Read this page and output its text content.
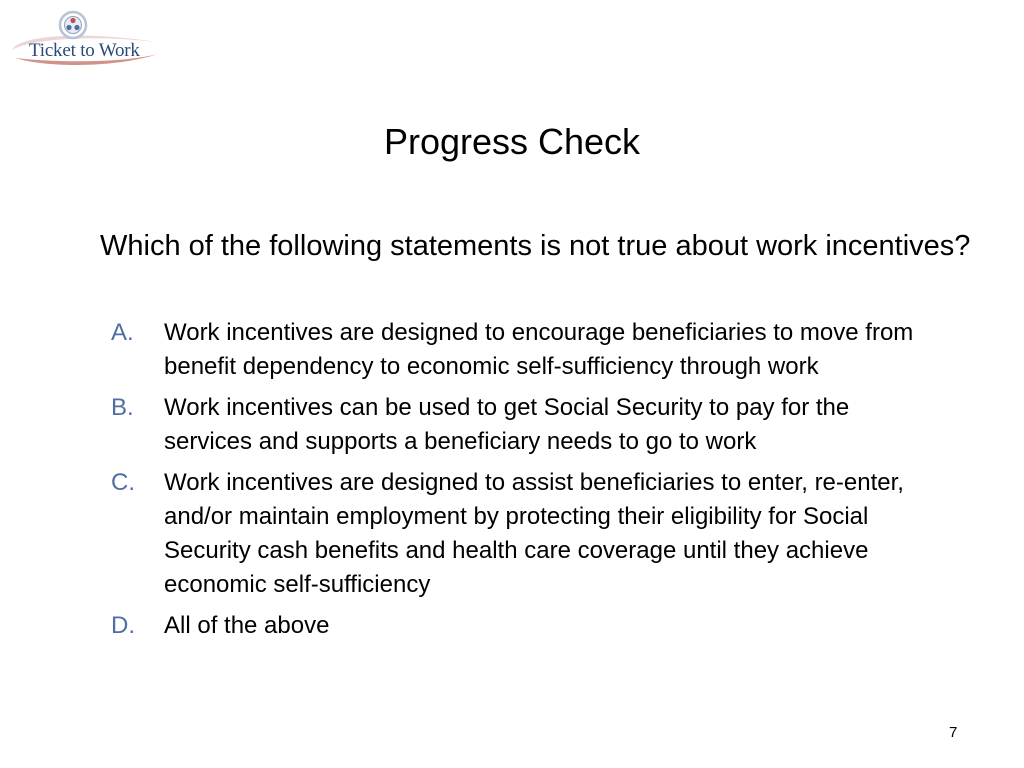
Ticket to Work
Progress Check
Which of the following statements is not true about work incentives?
A.	Work incentives are designed to encourage beneficiaries to move from benefit dependency to economic self-sufficiency through work
B.	Work incentives can be used to get Social Security to pay for the services and supports a beneficiary needs to go to work
C.	Work incentives are designed to assist beneficiaries to enter, re-enter, and/or maintain employment by protecting their eligibility for Social Security cash benefits and health care coverage until they achieve economic self-sufficiency
D.	All of the above
7
